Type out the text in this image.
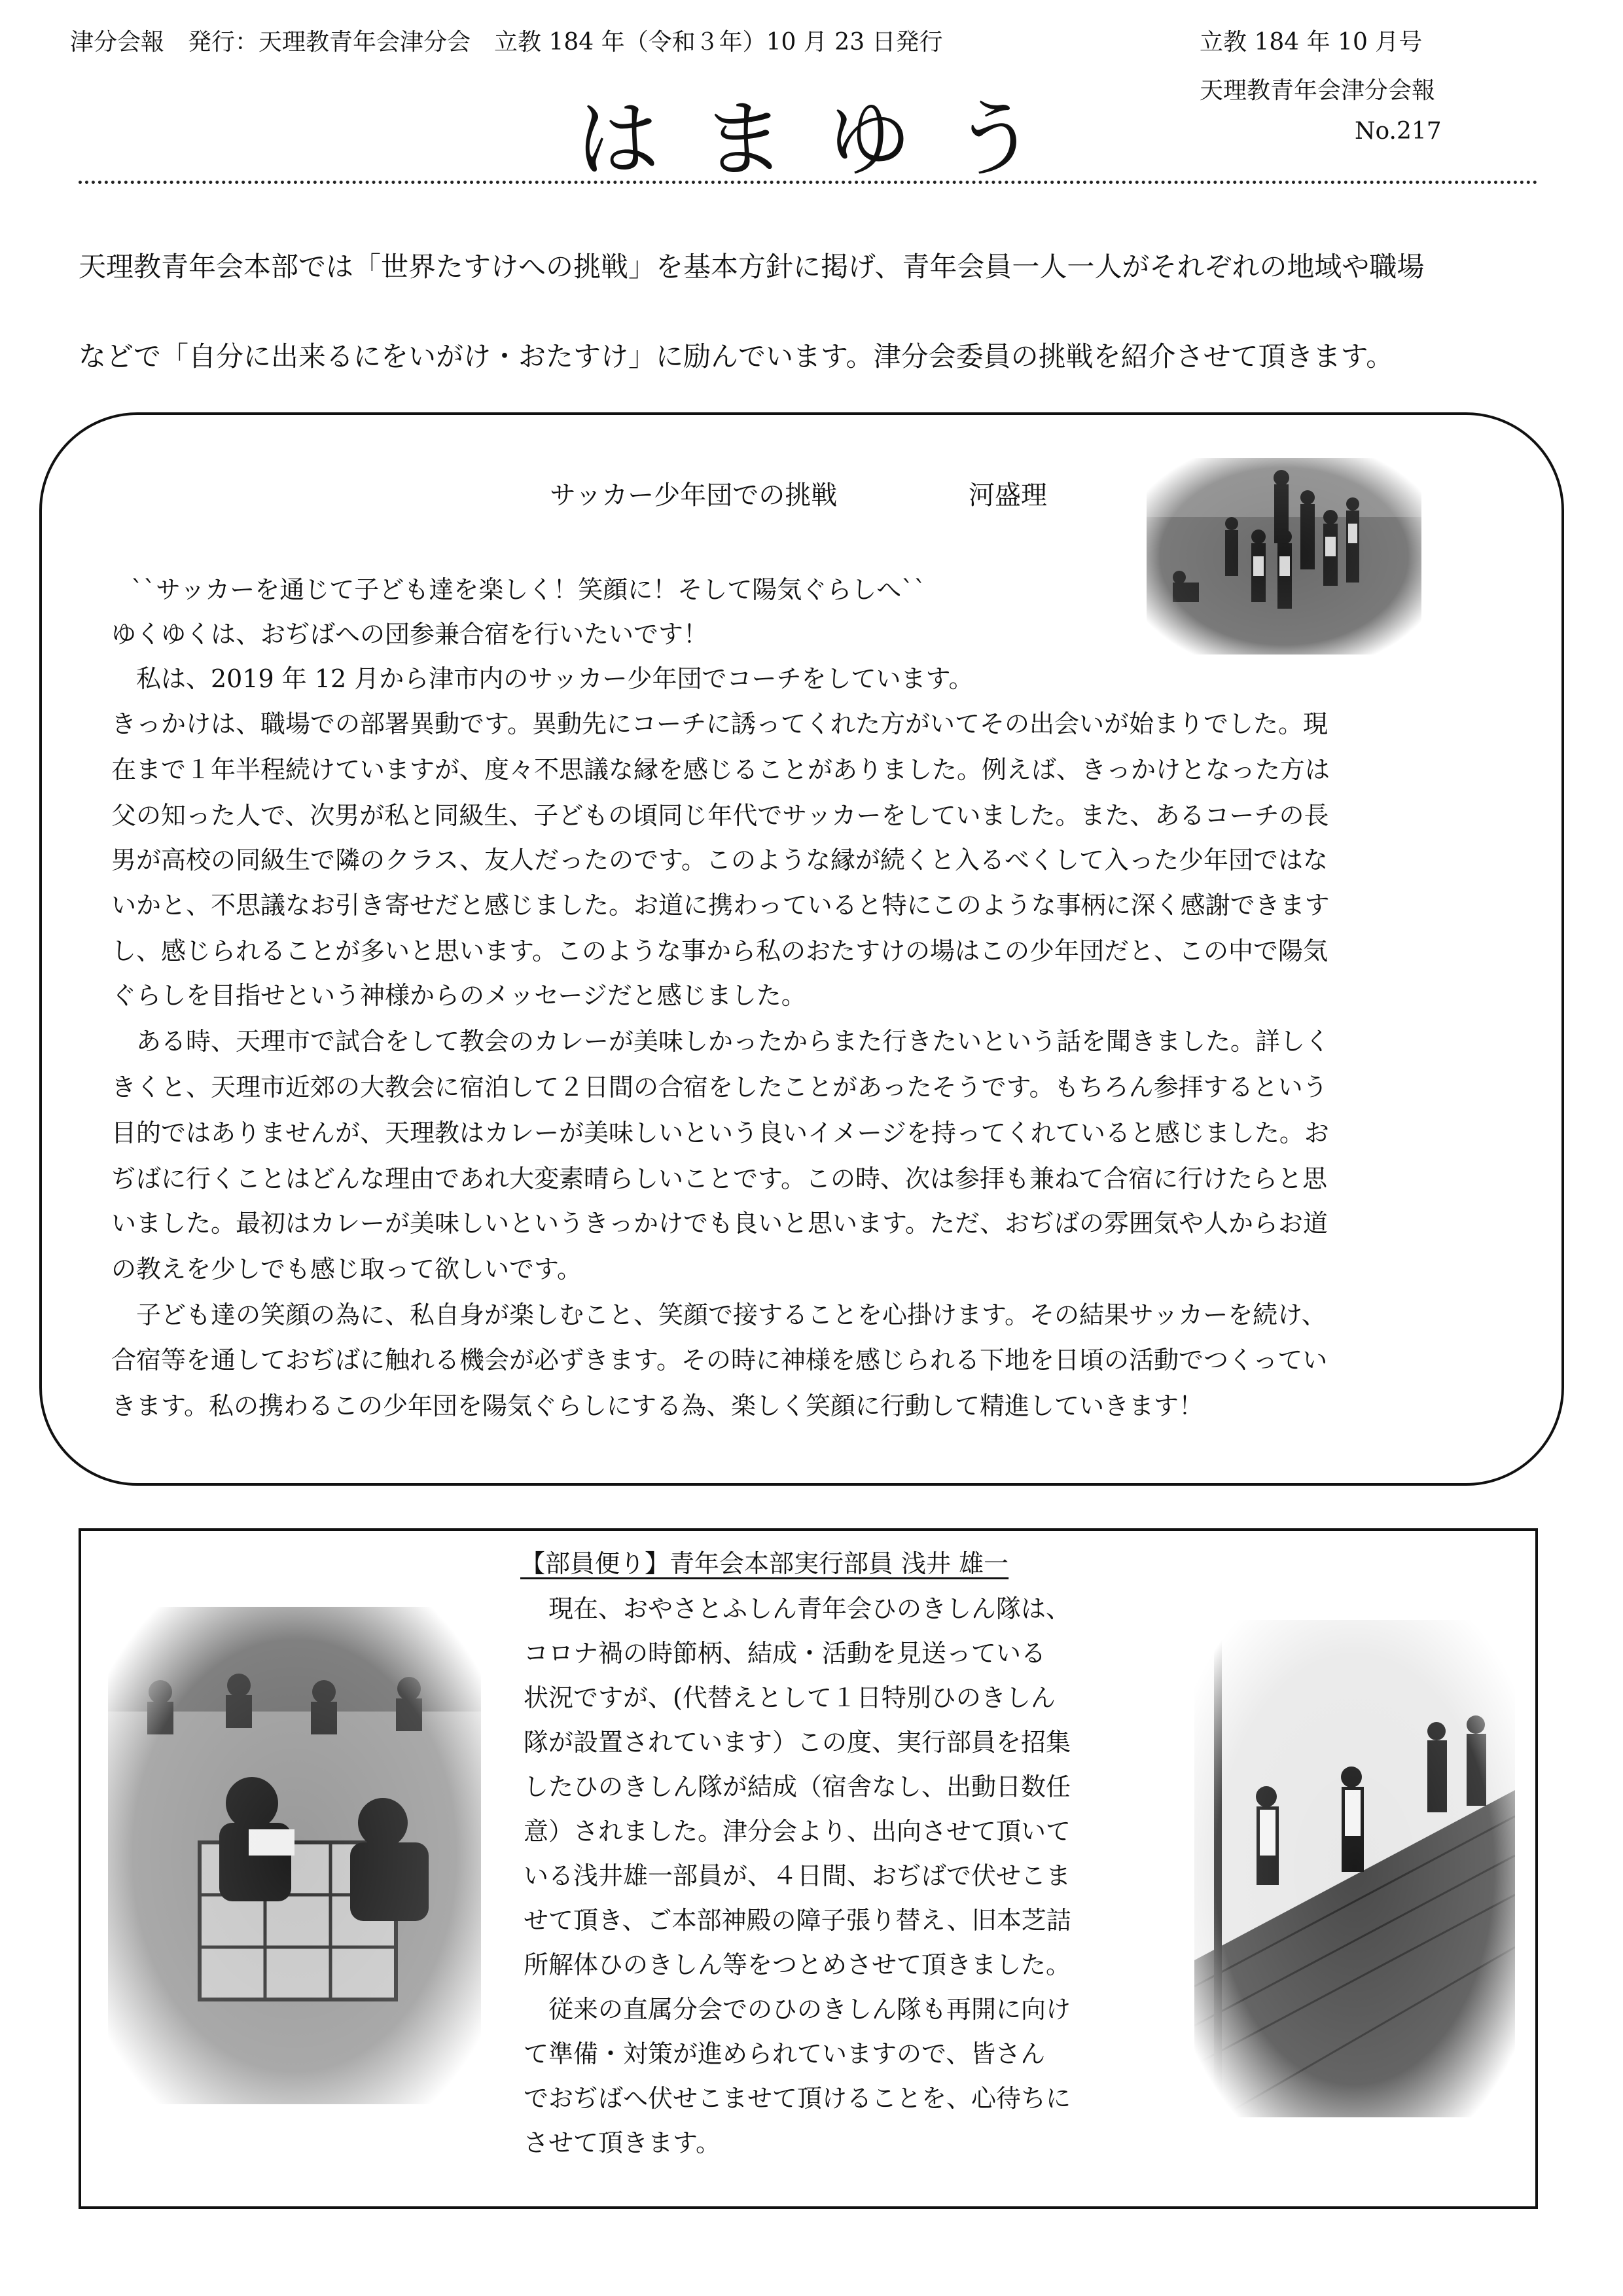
津分会報　発行：天理教青年会津分会　立教 184 年（令和３年）10 月 23 日発行	立教 184 年 10 月号
天理教青年会津分会報
No.217
はまゆう
天理教青年会本部では「世界たすけへの挑戦」を基本方針に掲げ、青年会員一人一人がそれぞれの地域や職場
などで「自分に出来るにをいがけ・おたすけ」に励んでいます。津分会委員の挑戦を紹介させて頂きます。
サッカー少年団での挑戦	河盛理
``サッカーを通じて子ども達を楽しく！笑顔に！そして陽気ぐらしへ``
ゆくゆくは、おぢばへの団参兼合宿を行いたいです！
　私は、2019 年 12 月から津市内のサッカー少年団でコーチをしています。
きっかけは、職場での部署異動です。異動先にコーチに誘ってくれた方がいてその出会いが始まりでした。現
在まで１年半程続けていますが、度々不思議な縁を感じることがありました。例えば、きっかけとなった方は
父の知った人で、次男が私と同級生、子どもの頃同じ年代でサッカーをしていました。また、あるコーチの長
男が高校の同級生で隣のクラス、友人だったのです。このような縁が続くと入るべくして入った少年団ではな
いかと、不思議なお引き寄せだと感じました。お道に携わっていると特にこのような事柄に深く感謝できます
し、感じられることが多いと思います。このような事から私のおたすけの場はこの少年団だと、この中で陽気
ぐらしを目指せという神様からのメッセージだと感じました。
　ある時、天理市で試合をして教会のカレーが美味しかったからまた行きたいという話を聞きました。詳しく
きくと、天理市近郊の大教会に宿泊して２日間の合宿をしたことがあったそうです。もちろん参拝するという
目的ではありませんが、天理教はカレーが美味しいという良いイメージを持ってくれていると感じました。お
ぢばに行くことはどんな理由であれ大変素晴らしいことです。この時、次は参拝も兼ねて合宿に行けたらと思
いました。最初はカレーが美味しいというきっかけでも良いと思います。ただ、おぢばの雰囲気や人からお道
の教えを少しでも感じ取って欲しいです。
　子ども達の笑顔の為に、私自身が楽しむこと、笑顔で接することを心掛けます。その結果サッカーを続け、
合宿等を通しておぢばに触れる機会が必ずきます。その時に神様を感じられる下地を日頃の活動でつくってい
きます。私の携わるこの少年団を陽気ぐらしにする為、楽しく笑顔に行動して精進していきます！
【部員便り】青年会本部実行部員 浅井 雄一
　現在、おやさとふしん青年会ひのきしん隊は、
コロナ禍の時節柄、結成・活動を見送っている
状況ですが、(代替えとして１日特別ひのきしん
隊が設置されています）この度、実行部員を招集
したひのきしん隊が結成（宿舎なし、出動日数任
意）されました。津分会より、出向させて頂いて
いる浅井雄一部員が、４日間、おぢばで伏せこま
せて頂き、ご本部神殿の障子張り替え、旧本芝詰
所解体ひのきしん等をつとめさせて頂きました。
　従来の直属分会でのひのきしん隊も再開に向け
て準備・対策が進められていますので、皆さん
でおぢばへ伏せこませて頂けることを、心待ちに
させて頂きます。
